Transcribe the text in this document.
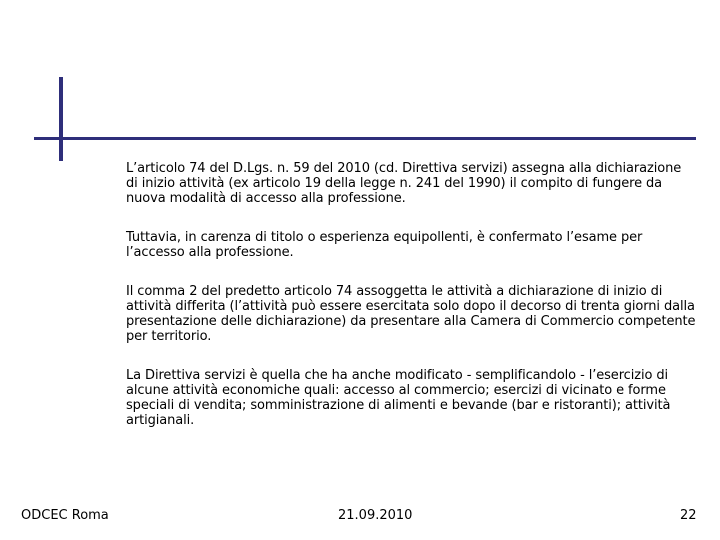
L’articolo 74 del D.Lgs. n. 59 del 2010 (cd. Direttiva servizi) assegna alla dichiarazione di inizio attività (ex articolo 19 della legge n. 241 del 1990) il compito di fungere da nuova modalità di accesso alla professione.

Tuttavia, in carenza di titolo o esperienza equipollenti, è confermato l’esame per l’accesso alla professione.

Il comma 2 del predetto articolo 74 assoggetta le attività a dichiarazione di inizio di attività differita (l’attività può essere esercitata solo dopo il decorso di trenta giorni dalla presentazione delle dichiarazione) da presentare alla Camera di Commercio competente per territorio.

La Direttiva servizi è quella che ha anche modificato - semplificandolo - l’esercizio di alcune attività economiche quali: accesso al commercio; esercizi di vicinato e forme speciali di vendita; somministrazione di alimenti e bevande (bar e ristoranti); attività artigianali.

ODCEC Roma	21.09.2010	22
